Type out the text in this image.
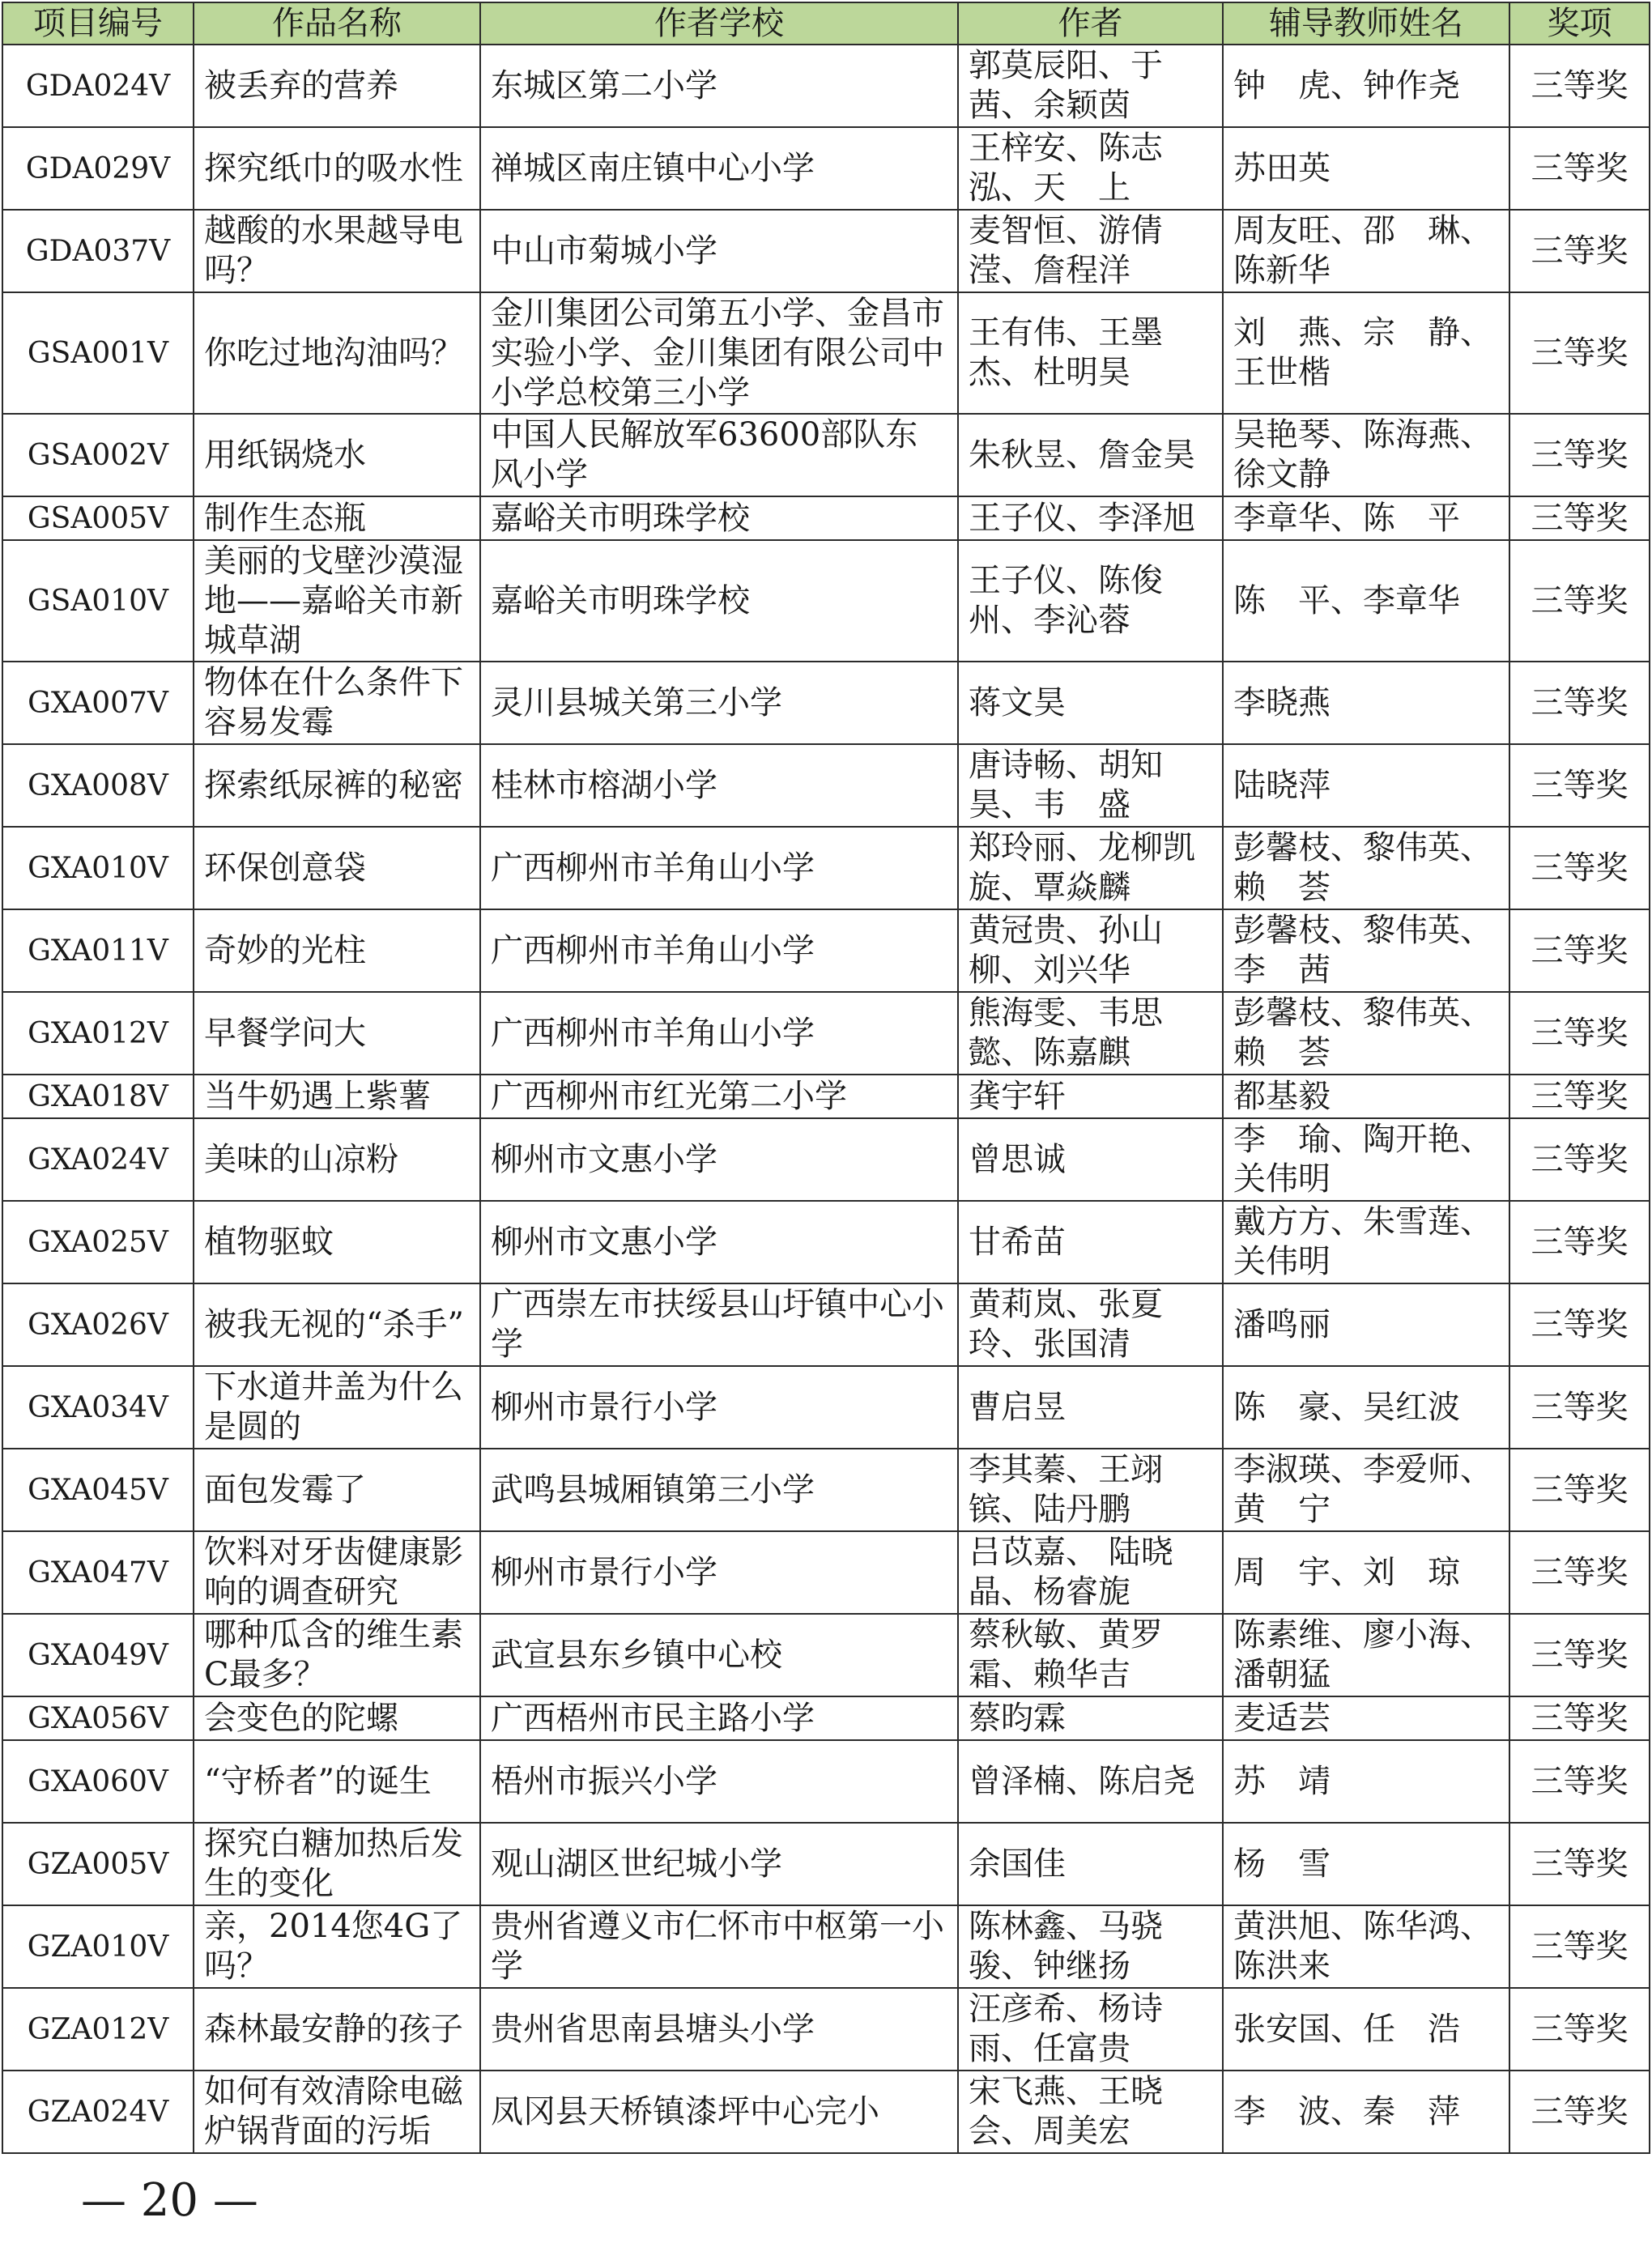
项目编号	作品名称	作者学校	作者	辅导教师姓名	奖项
GDA024V	被丢弃的营养	东城区第二小学	郭莫辰阳、于茜、余颖茵	钟　虎、钟作尧	三等奖
GDA029V	探究纸巾的吸水性	禅城区南庄镇中心小学	王梓安、陈志泓、天　上	苏田英	三等奖
GDA037V	越酸的水果越导电吗？	中山市菊城小学	麦智恒、游倩滢、詹程洋	周友旺、邵　琳、陈新华	三等奖
GSA001V	你吃过地沟油吗？	金川集团公司第五小学、金昌市实验小学、金川集团有限公司中小学总校第三小学	王有伟、王墨杰、杜明昊	刘　燕、宗　静、王世楷	三等奖
GSA002V	用纸锅烧水	中国人民解放军63600部队东风小学	朱秋昱、詹金昊	吴艳琴、陈海燕、徐文静	三等奖
GSA005V	制作生态瓶	嘉峪关市明珠学校	王子仪、李泽旭	李章华、陈　平	三等奖
GSA010V	美丽的戈壁沙漠湿地——嘉峪关市新城草湖	嘉峪关市明珠学校	王子仪、陈俊州、李沁蓉	陈　平、李章华	三等奖
GXA007V	物体在什么条件下容易发霉	灵川县城关第三小学	蒋文昊	李晓燕	三等奖
GXA008V	探索纸尿裤的秘密	桂林市榕湖小学	唐诗畅、胡知昊、韦　盛	陆晓萍	三等奖
GXA010V	环保创意袋	广西柳州市羊角山小学	郑玲丽、龙柳凯旋、覃焱麟	彭馨枝、黎伟英、赖　荟	三等奖
GXA011V	奇妙的光柱	广西柳州市羊角山小学	黄冠贵、孙山柳、刘兴华	彭馨枝、黎伟英、李　茜	三等奖
GXA012V	早餐学问大	广西柳州市羊角山小学	熊海雯、韦思懿、陈嘉麒	彭馨枝、黎伟英、赖　荟	三等奖
GXA018V	当牛奶遇上紫薯	广西柳州市红光第二小学	龚宇轩	都基毅	三等奖
GXA024V	美味的山凉粉	柳州市文惠小学	曾思诚	李　瑜、陶开艳、关伟明	三等奖
GXA025V	植物驱蚊	柳州市文惠小学	甘希苗	戴方方、朱雪莲、关伟明	三等奖
GXA026V	被我无视的“杀手”	广西崇左市扶绥县山圩镇中心小学	黄莉岚、张夏玲、张国清	潘鸣丽	三等奖
GXA034V	下水道井盖为什么是圆的	柳州市景行小学	曹启昱	陈　豪、吴红波	三等奖
GXA045V	面包发霉了	武鸣县城厢镇第三小学	李其蓁、王翊镔、陆丹鹏	李淑瑛、李爱师、黄　宁	三等奖
GXA047V	饮料对牙齿健康影响的调查研究	柳州市景行小学	吕苡嘉、 陆晓晶、杨睿旎	周　宇、刘　琼	三等奖
GXA049V	哪种瓜含的维生素C最多？	武宣县东乡镇中心校	蔡秋敏、黄罗霜、赖华吉	陈素维、廖小海、潘朝猛	三等奖
GXA056V	会变色的陀螺	广西梧州市民主路小学	蔡昀霖	麦适芸	三等奖
GXA060V	“守桥者”的诞生	梧州市振兴小学	曾泽楠、陈启尧	苏　靖	三等奖
GZA005V	探究白糖加热后发生的变化	观山湖区世纪城小学	余国佳	杨　雪	三等奖
GZA010V	亲，2014您4G了吗？	贵州省遵义市仁怀市中枢第一小学	陈林鑫、马骁骏、钟继扬	黄洪旭、陈华鸿、陈洪来	三等奖
GZA012V	森林最安静的孩子	贵州省思南县塘头小学	汪彦希、杨诗雨、任富贵	张安国、任　浩	三等奖
GZA024V	如何有效清除电磁炉锅背面的污垢	凤冈县天桥镇漆坪中心完小	宋飞燕、王晓会、周美宏	李　波、秦　萍	三等奖
— 20 —
